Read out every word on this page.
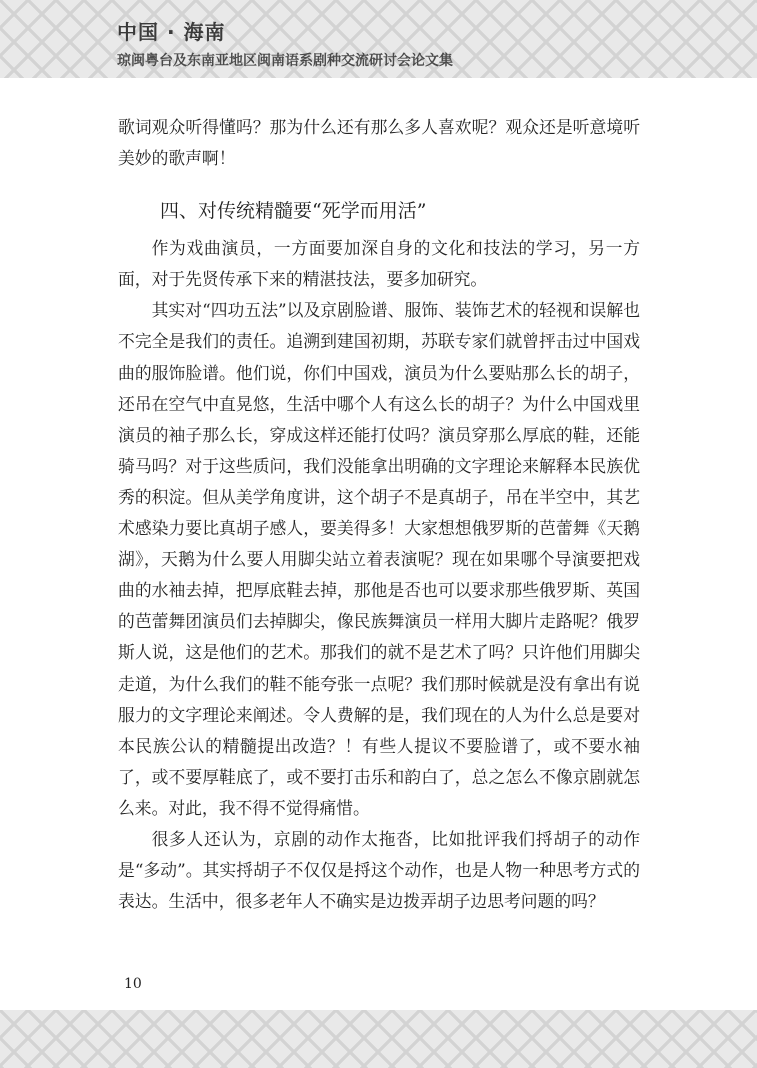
中国 · 海南
琼闽粤台及东南亚地区闽南语系剧种交流研讨会论文集

歌词观众听得懂吗？那为什么还有那么多人喜欢呢？观众还是听意境听美妙的歌声啊！

四、对传统精髓要“死学而用活”

作为戏曲演员，一方面要加深自身的文化和技法的学习，另一方面，对于先贤传承下来的精湛技法，要多加研究。

其实对“四功五法”以及京剧脸谱、服饰、装饰艺术的轻视和误解也不完全是我们的责任。追溯到建国初期，苏联专家们就曾抨击过中国戏曲的服饰脸谱。他们说，你们中国戏，演员为什么要贴那么长的胡子，还吊在空气中直晃悠，生活中哪个人有这么长的胡子？为什么中国戏里演员的袖子那么长，穿成这样还能打仗吗？演员穿那么厚底的鞋，还能骑马吗？对于这些质问，我们没能拿出明确的文字理论来解释本民族优秀的积淀。但从美学角度讲，这个胡子不是真胡子，吊在半空中，其艺术感染力要比真胡子感人，要美得多！大家想想俄罗斯的芭蕾舞《天鹅湖》，天鹅为什么要人用脚尖站立着表演呢？现在如果哪个导演要把戏曲的水袖去掉，把厚底鞋去掉，那他是否也可以要求那些俄罗斯、英国的芭蕾舞团演员们去掉脚尖，像民族舞演员一样用大脚片走路呢？俄罗斯人说，这是他们的艺术。那我们的就不是艺术了吗？只许他们用脚尖走道，为什么我们的鞋不能夸张一点呢？我们那时候就是没有拿出有说服力的文字理论来阐述。令人费解的是，我们现在的人为什么总是要对本民族公认的精髓提出改造？！有些人提议不要脸谱了，或不要水袖了，或不要厚鞋底了，或不要打击乐和韵白了，总之怎么不像京剧就怎么来。对此，我不得不觉得痛惜。

很多人还认为，京剧的动作太拖沓，比如批评我们捋胡子的动作是“多动”。其实捋胡子不仅仅是捋这个动作，也是人物一种思考方式的表达。生活中，很多老年人不确实是边拨弄胡子边思考问题的吗？

10
